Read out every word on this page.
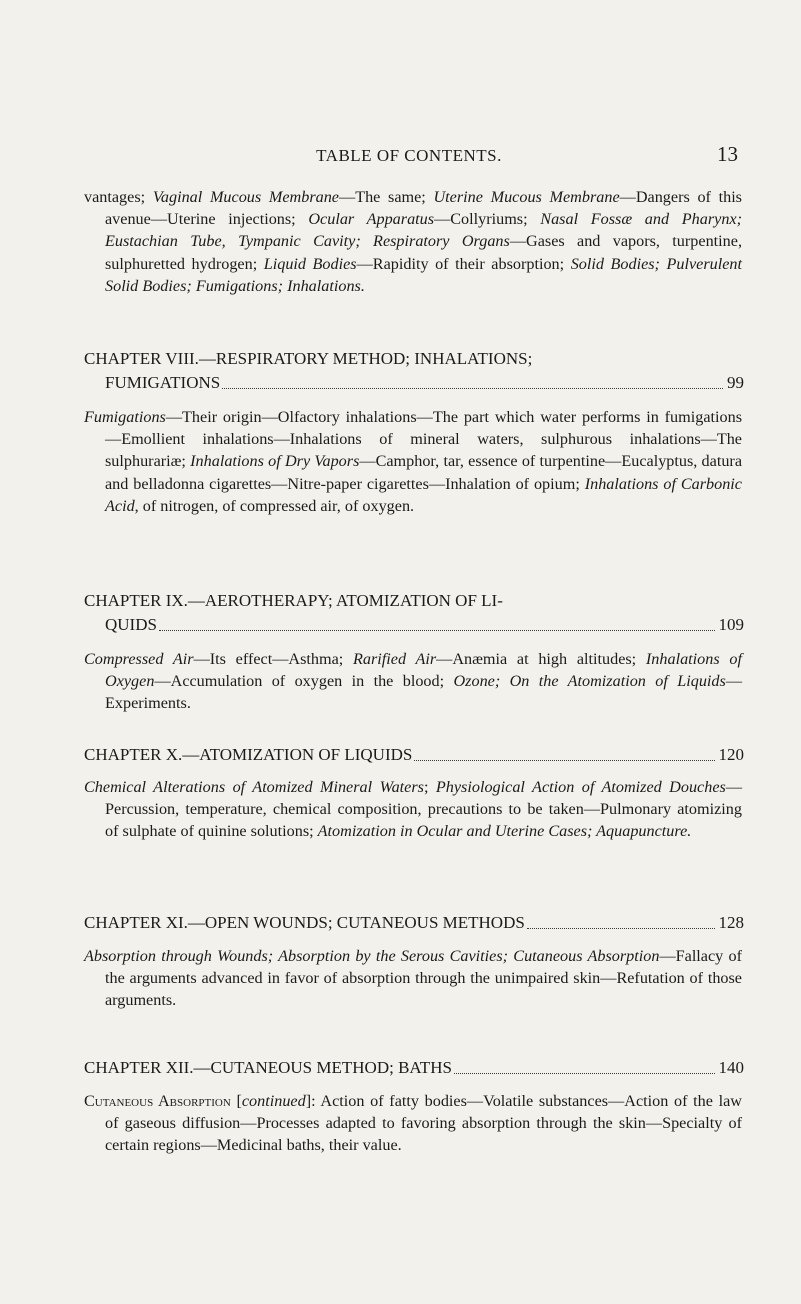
TABLE OF CONTENTS.	13

vantages; Vaginal Mucous Membrane—The same; Uterine Mucous Membrane—Dangers of this avenue—Uterine injections; Ocular Apparatus—Collyriums; Nasal Fossæ and Pharynx; Eustachian Tube, Tympanic Cavity; Respiratory Organs—Gases and vapors, turpentine, sulphuretted hydrogen; Liquid Bodies—Rapidity of their absorption; Solid Bodies; Pulverulent Solid Bodies; Fumigations; Inhalations.

CHAPTER VIII.—RESPIRATORY METHOD; INHALATIONS;
FUMIGATIONS	99

Fumigations—Their origin—Olfactory inhalations—The part which water performs in fumigations—Emollient inhalations—Inhalations of mineral waters, sulphurous inhalations—The sulphurariæ; Inhalations of Dry Vapors—Camphor, tar, essence of turpentine—Eucalyptus, datura and belladonna cigarettes—Nitre-paper cigarettes—Inhalation of opium; Inhalations of Carbonic Acid, of nitrogen, of compressed air, of oxygen.

CHAPTER IX.—AEROTHERAPY; ATOMIZATION OF LI-
QUIDS	109

Compressed Air—Its effect—Asthma; Rarified Air—Anæmia at high altitudes; Inhalations of Oxygen—Accumulation of oxygen in the blood; Ozone; On the Atomization of Liquids—Experiments.

CHAPTER X.—ATOMIZATION OF LIQUIDS	120

Chemical Alterations of Atomized Mineral Waters; Physiological Action of Atomized Douches—Percussion, temperature, chemical composition, precautions to be taken—Pulmonary atomizing of sulphate of quinine solutions; Atomization in Ocular and Uterine Cases; Aquapuncture.

CHAPTER XI.—OPEN WOUNDS; CUTANEOUS METHODS	128

Absorption through Wounds; Absorption by the Serous Cavities; Cutaneous Absorption—Fallacy of the arguments advanced in favor of absorption through the unimpaired skin—Refutation of those arguments.

CHAPTER XII.—CUTANEOUS METHOD; BATHS	140

Cutaneous Absorption [continued]: Action of fatty bodies—Volatile substances—Action of the law of gaseous diffusion—Processes adapted to favoring absorption through the skin—Specialty of certain regions—Medicinal baths, their value.
